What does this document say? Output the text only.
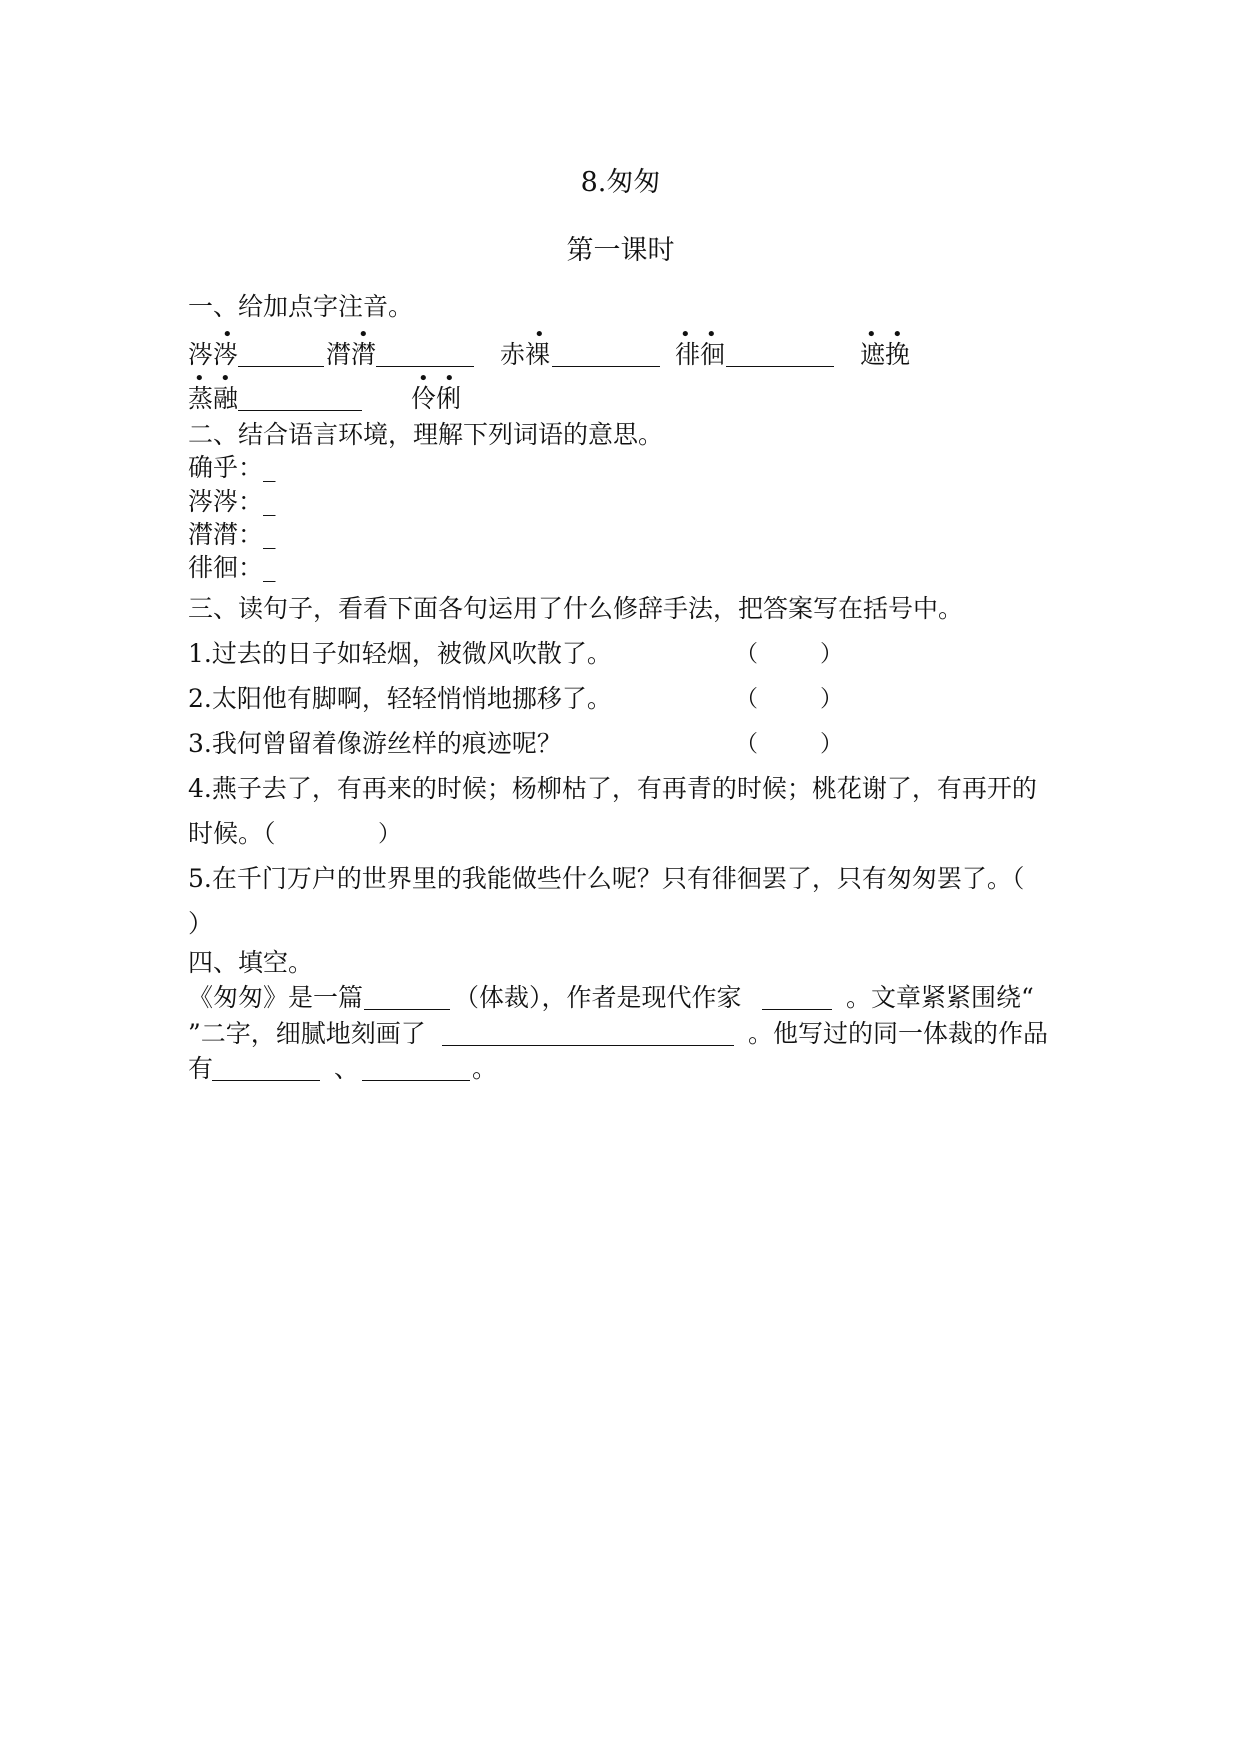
8.匆匆
第一课时
一、给加点字注音。
涔涔
•
潸潸
•
赤裸
•
徘徊
• •
遮挽
• •
蒸融
• •
伶俐
• •
二、结合语言环境，理解下列词语的意思。
确乎：_
涔涔：_
潸潸：_
徘徊：_
三、读句子，看看下面各句运用了什么修辞手法，把答案写在括号中。
1.过去的日子如轻烟，被微风吹散了。	（	）
2.太阳他有脚啊，轻轻悄悄地挪移了。	（	）
3.我何曾留着像游丝样的痕迹呢？	（	）
4.燕子去了，有再来的时候；杨柳枯了，有再青的时候；桃花谢了，有再开的
时候。（	）
5.在千门万户的世界里的我能做些什么呢？只有徘徊罢了，只有匆匆罢了。（
）
四、填空。
《匆匆》是一篇	（体裁），作者是现代作家	。文章紧紧围绕“
”二字，细腻地刻画了	。他写过的同一体裁的作品
有	、	。
